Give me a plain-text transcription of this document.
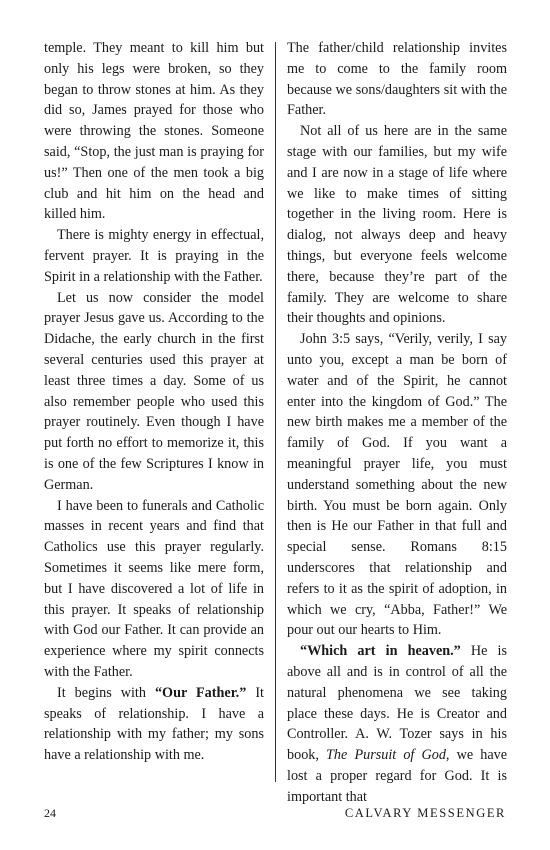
temple. They meant to kill him but only his legs were broken, so they began to throw stones at him. As they did so, James prayed for those who were throwing the stones. Someone said, “Stop, the just man is praying for us!” Then one of the men took a big club and hit him on the head and killed him.

There is mighty energy in effectual, fervent prayer. It is praying in the Spirit in a relationship with the Father.

Let us now consider the model prayer Jesus gave us. According to the Didache, the early church in the first several centuries used this prayer at least three times a day. Some of us also remember people who used this prayer routinely. Even though I have put forth no effort to memorize it, this is one of the few Scriptures I know in German.

I have been to funerals and Catholic masses in recent years and find that Catholics use this prayer regularly. Sometimes it seems like mere form, but I have discovered a lot of life in this prayer. It speaks of relationship with God our Father. It can provide an experience where my spirit connects with the Father.

It begins with “Our Father.” It speaks of relationship. I have a relationship with my father; my sons have a relationship with me.

The father/child relationship invites me to come to the family room because we sons/daughters sit with the Father.

Not all of us here are in the same stage with our families, but my wife and I are now in a stage of life where we like to make times of sitting together in the living room. Here is dialog, not always deep and heavy things, but everyone feels welcome there, because they’re part of the family. They are welcome to share their thoughts and opinions.

John 3:5 says, “Verily, verily, I say unto you, except a man be born of water and of the Spirit, he cannot enter into the kingdom of God.” The new birth makes me a member of the family of God. If you want a meaningful prayer life, you must understand something about the new birth. You must be born again. Only then is He our Father in that full and special sense. Romans 8:15 underscores that relationship and refers to it as the spirit of adoption, in which we cry, “Abba, Father!” We pour out our hearts to Him.

“Which art in heaven.” He is above all and is in control of all the natural phenomena we see taking place these days. He is Creator and Controller. A. W. Tozer says in his book, The Pursuit of God, we have lost a proper regard for God. It is important that

24	CALVARY MESSENGER
